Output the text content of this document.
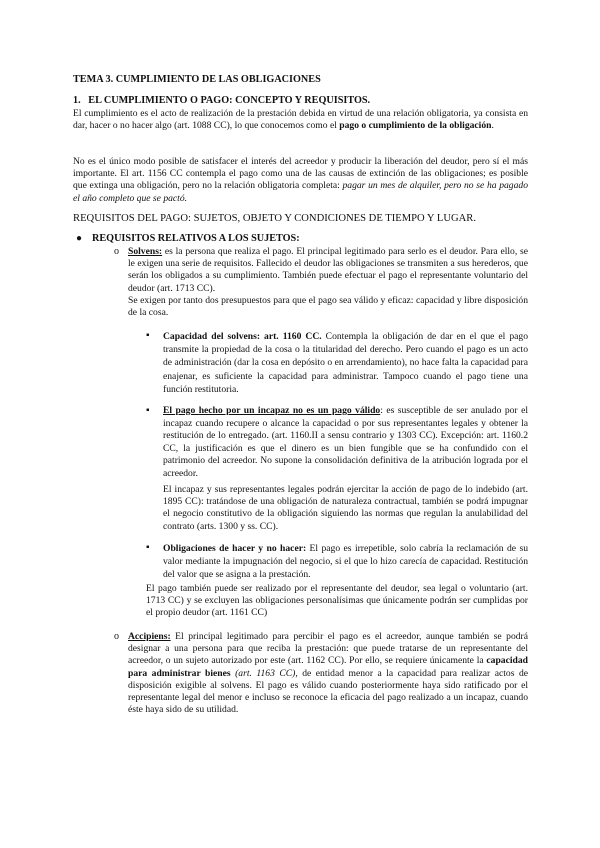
TEMA 3. CUMPLIMIENTO DE LAS OBLIGACIONES
1. EL CUMPLIMIENTO O PAGO: CONCEPTO Y REQUISITOS.
El cumplimiento es el acto de realización de la prestación debida en virtud de una relación obligatoria, ya consista en dar, hacer o no hacer algo (art. 1088 CC), lo que conocemos como el pago o cumplimiento de la obligación.
No es el único modo posible de satisfacer el interés del acreedor y producir la liberación del deudor, pero sí el más importante. El art. 1156 CC contempla el pago como una de las causas de extinción de las obligaciones; es posible que extinga una obligación, pero no la relación obligatoria completa: pagar un mes de alquiler, pero no se ha pagado el año completo que se pactó.
REQUISITOS DEL PAGO: SUJETOS, OBJETO Y CONDICIONES DE TIEMPO Y LUGAR.
● REQUISITOS RELATIVOS A LOS SUJETOS:
o Solvens: es la persona que realiza el pago. El principal legitimado para serlo es el deudor. Para ello, se le exigen una serie de requisitos. Fallecido el deudor las obligaciones se transmiten a sus herederos, que serán los obligados a su cumplimiento. También puede efectuar el pago el representante voluntario del deudor (art. 1713 CC).
Se exigen por tanto dos presupuestos para que el pago sea válido y eficaz: capacidad y libre disposición de la cosa.
▪ Capacidad del solvens: art. 1160 CC. Contempla la obligación de dar en el que el pago transmite la propiedad de la cosa o la titularidad del derecho. Pero cuando el pago es un acto de administración (dar la cosa en depósito o en arrendamiento), no hace falta la capacidad para enajenar, es suficiente la capacidad para administrar. Tampoco cuando el pago tiene una función restitutoria.
▪ El pago hecho por un incapaz no es un pago válido: es susceptible de ser anulado por el incapaz cuando recupere o alcance la capacidad o por sus representantes legales y obtener la restitución de lo entregado. (art. 1160.II a sensu contrario y 1303 CC). Excepción: art. 1160.2 CC, la justificación es que el dinero es un bien fungible que se ha confundido con el patrimonio del acreedor. No supone la consolidación definitiva de la atribución lograda por el acreedor.
El incapaz y sus representantes legales podrán ejercitar la acción de pago de lo indebido (art. 1895 CC): tratándose de una obligación de naturaleza contractual, también se podrá impugnar el negocio constitutivo de la obligación siguiendo las normas que regulan la anulabilidad del contrato (arts. 1300 y ss. CC).
▪ Obligaciones de hacer y no hacer: El pago es irrepetible, solo cabría la reclamación de su valor mediante la impugnación del negocio, si el que lo hizo carecía de capacidad. Restitución del valor que se asigna a la prestación.
El pago también puede ser realizado por el representante del deudor, sea legal o voluntario (art. 1713 CC) y se excluyen las obligaciones personalísimas que únicamente podrán ser cumplidas por el propio deudor (art. 1161 CC)
o Accipiens: El principal legitimado para percibir el pago es el acreedor, aunque también se podrá designar a una persona para que reciba la prestación: que puede tratarse de un representante del acreedor, o un sujeto autorizado por este (art. 1162 CC). Por ello, se requiere únicamente la capacidad para administrar bienes (art. 1163 CC), de entidad menor a la capacidad para realizar actos de disposición exigible al solvens. El pago es válido cuando posteriormente haya sido ratificado por el representante legal del menor e incluso se reconoce la eficacia del pago realizado a un incapaz, cuando éste haya sido de su utilidad.
